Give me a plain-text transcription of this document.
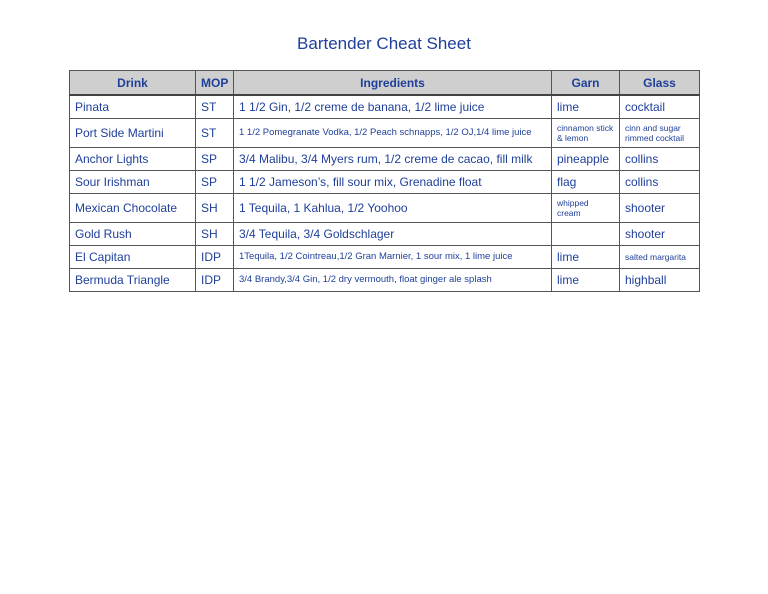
Bartender Cheat Sheet
Drink	MOP	Ingredients	Garn	Glass
Pinata	ST	1 1/2 Gin, 1/2 creme de banana, 1/2 lime juice	lime	cocktail
Port Side Martini	ST	1 1/2 Pomegranate Vodka, 1/2 Peach schnapps, 1/2 OJ,1/4 lime juice	cinnamon stick & lemon	cinn and sugar rimmed cocktail
Anchor Lights	SP	3/4 Malibu, 3/4 Myers rum, 1/2 creme de cacao, fill milk	pineapple	collins
Sour Irishman	SP	1 1/2 Jameson’s, fill sour mix, Grenadine float	flag	collins
Mexican Chocolate	SH	1 Tequila, 1 Kahlua, 1/2 Yoohoo	whipped cream	shooter
Gold Rush	SH	3/4 Tequila, 3/4 Goldschlager		shooter
El Capitan	IDP	1Tequila, 1/2 Cointreau,1/2 Gran Marnier, 1 sour mix, 1 lime juice	lime	salted margarita
Bermuda Triangle	IDP	3/4 Brandy,3/4 Gin, 1/2 dry vermouth, float ginger ale splash	lime	highball
